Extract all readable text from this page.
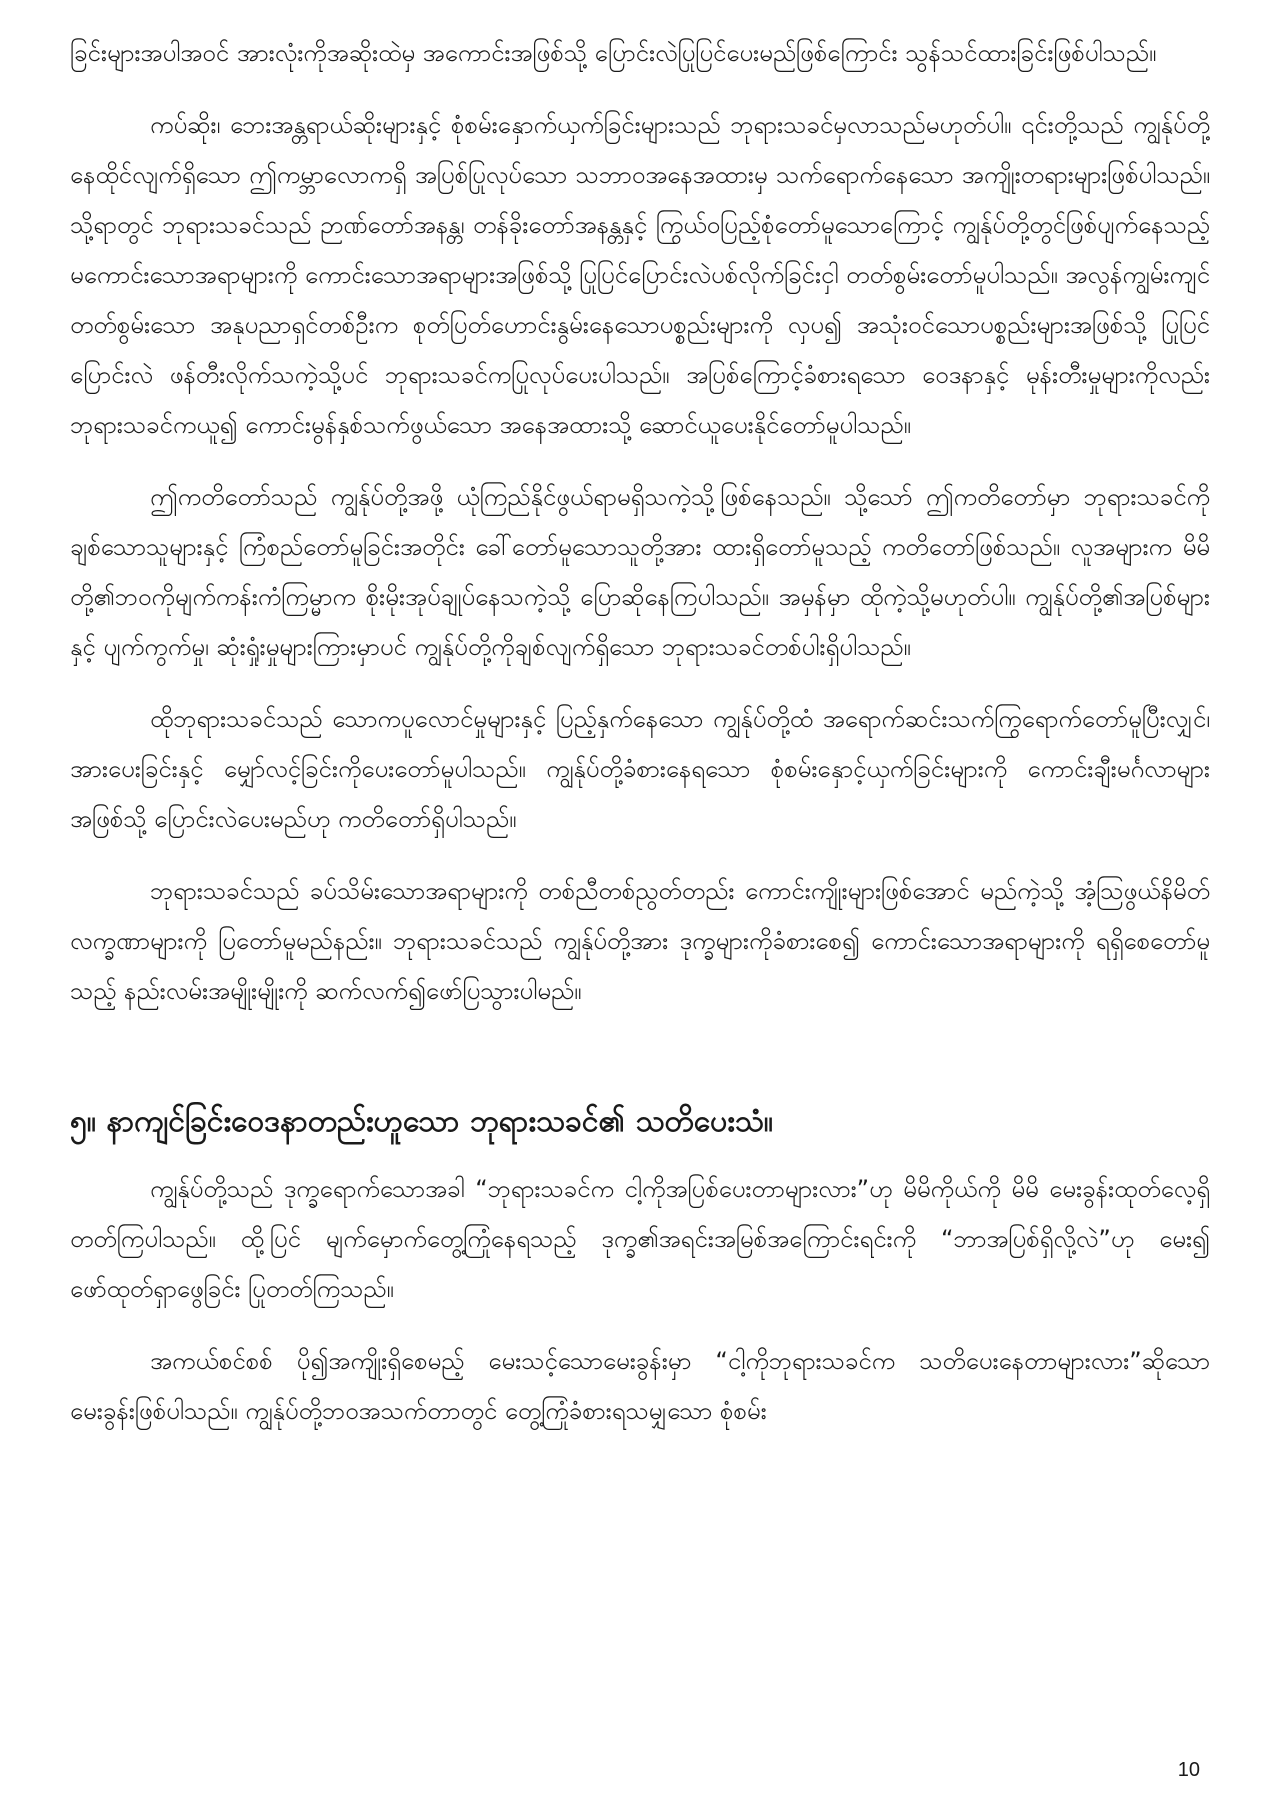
ခြင်းများအပါအဝင် အားလုံးကိုအဆိုးထဲမှ အကောင်းအဖြစ်သို့ ပြောင်းလဲပြုပြင်ပေးမည်ဖြစ်ကြောင်း သွန်သင်ထားခြင်းဖြစ်ပါသည်။

ကပ်ဆိုး၊ ဘေးအန္တရာယ်ဆိုးများနှင့် စုံစမ်းနှောက်ယှက်ခြင်းများသည် ဘုရားသခင်မှလာသည်မဟုတ်ပါ။ ၎င်းတို့သည် ကျွန်ုပ်တို့နေထိုင်လျက်ရှိသော ဤကမ္ဘာလောကရှိ အပြစ်ပြုလုပ်သော သဘာဝအနေအထားမှ သက်ရောက်နေသော အကျိုးတရားများဖြစ်ပါသည်။ သို့ရာတွင် ဘုရားသခင်သည် ဉာဏ်တော်အနန္တ၊ တန်ခိုးတော်အနန္တနှင့် ကြွယ်ဝပြည့်စုံတော်မူသောကြောင့် ကျွန်ုပ်တို့တွင်ဖြစ်ပျက်နေသည့် မကောင်းသောအရာများကို ကောင်းသောအရာများအဖြစ်သို့ ပြုပြင်ပြောင်းလဲပစ်လိုက်ခြင်းငှါ တတ်စွမ်းတော်မူပါသည်။ အလွန်ကျွမ်းကျင်တတ်စွမ်းသော အနုပညာရှင်တစ်ဦးက စုတ်ပြတ်ဟောင်းနွမ်းနေသောပစ္စည်းများကို လှပ၍ အသုံးဝင်သောပစ္စည်းများအဖြစ်သို့ ပြုပြင်ပြောင်းလဲ ဖန်တီးလိုက်သကဲ့သို့ပင် ဘုရားသခင်ကပြုလုပ်ပေးပါသည်။ အပြစ်ကြောင့်ခံစားရသော ဝေဒနာနှင့် မုန်းတီးမှုများကိုလည်း ဘုရားသခင်ကယူ၍ ကောင်းမွန်နှစ်သက်ဖွယ်သော အနေအထားသို့ ဆောင်ယူပေးနိုင်တော်မူပါသည်။

ဤကတိတော်သည် ကျွန်ုပ်တို့အဖို့ ယုံကြည်နိုင်ဖွယ်ရာမရှိသကဲ့သို့ဖြစ်နေသည်။ သို့သော် ဤကတိတော်မှာ ဘုရားသခင်ကို ချစ်သောသူများနှင့် ကြံစည်တော်မူခြင်းအတိုင်း ခေါ်တော်မူသောသူတို့အား ထားရှိတော်မူသည့် ကတိတော်ဖြစ်သည်။ လူအများက မိမိတို့၏ဘဝကိုမျက်ကန်းကံကြမ္မာက စိုးမိုးအုပ်ချုပ်နေသကဲ့သို့ ပြောဆိုနေကြပါသည်။ အမှန်မှာ ထိုကဲ့သို့မဟုတ်ပါ။ ကျွန်ုပ်တို့၏အပြစ်များနှင့် ပျက်ကွက်မှု၊ ဆုံးရှုံးမှုများကြားမှာပင် ကျွန်ုပ်တို့ကိုချစ်လျက်ရှိသော ဘုရားသခင်တစ်ပါးရှိပါသည်။

ထိုဘုရားသခင်သည် သောကပူလောင်မှုများနှင့် ပြည့်နှက်နေသော ကျွန်ုပ်တို့ထံ အရောက်ဆင်းသက်ကြွရောက်တော်မူပြီးလျှင်၊ အားပေးခြင်းနှင့် မျှော်လင့်ခြင်းကိုပေးတော်မူပါသည်။ ကျွန်ုပ်တို့ခံစားနေရသော စုံစမ်းနှောင့်ယှက်ခြင်းများကို ကောင်းချီးမင်္ဂလာများအဖြစ်သို့ ပြောင်းလဲပေးမည်ဟု ကတိတော်ရှိပါသည်။

ဘုရားသခင်သည် ခပ်သိမ်းသောအရာများကို တစ်ညီတစ်ညွတ်တည်း ကောင်းကျိုးများဖြစ်အောင် မည်ကဲ့သို့ အံ့သြဖွယ်နိမိတ်လက္ခဏာများကို ပြတော်မူမည်နည်း။ ဘုရားသခင်သည် ကျွန်ုပ်တို့အား ဒုက္ခများကိုခံစားစေ၍ ကောင်းသောအရာများကို ရရှိစေတော်မူသည့် နည်းလမ်းအမျိုးမျိုးကို ဆက်လက်၍ဖော်ပြသွားပါမည်။

၅။ နာကျင်ခြင်းဝေဒနာတည်းဟူသော ဘုရားသခင်၏ သတိပေးသံ။

ကျွန်ုပ်တို့သည် ဒုက္ခရောက်သောအခါ “ဘုရားသခင်က ငါ့ကိုအပြစ်ပေးတာများလား”ဟု မိမိကိုယ်ကို မိမိ မေးခွန်းထုတ်လေ့ရှိတတ်ကြပါသည်။ ထို့ပြင် မျက်မှောက်တွေ့ကြုံနေရသည့် ဒုက္ခ၏အရင်းအမြစ်အကြောင်းရင်းကို “ဘာအပြစ်ရှိလို့လဲ”ဟု မေး၍ ဖော်ထုတ်ရှာဖွေခြင်း ပြုတတ်ကြသည်။

အကယ်စင်စစ် ပို၍အကျိုးရှိစေမည့် မေးသင့်သောမေးခွန်းမှာ “ငါ့ကိုဘုရားသခင်က သတိပေးနေတာများလား”ဆိုသော မေးခွန်းဖြစ်ပါသည်။ ကျွန်ုပ်တို့ဘဝအသက်တာတွင် တွေ့ကြုံခံစားရသမျှသော စုံစမ်း

10
